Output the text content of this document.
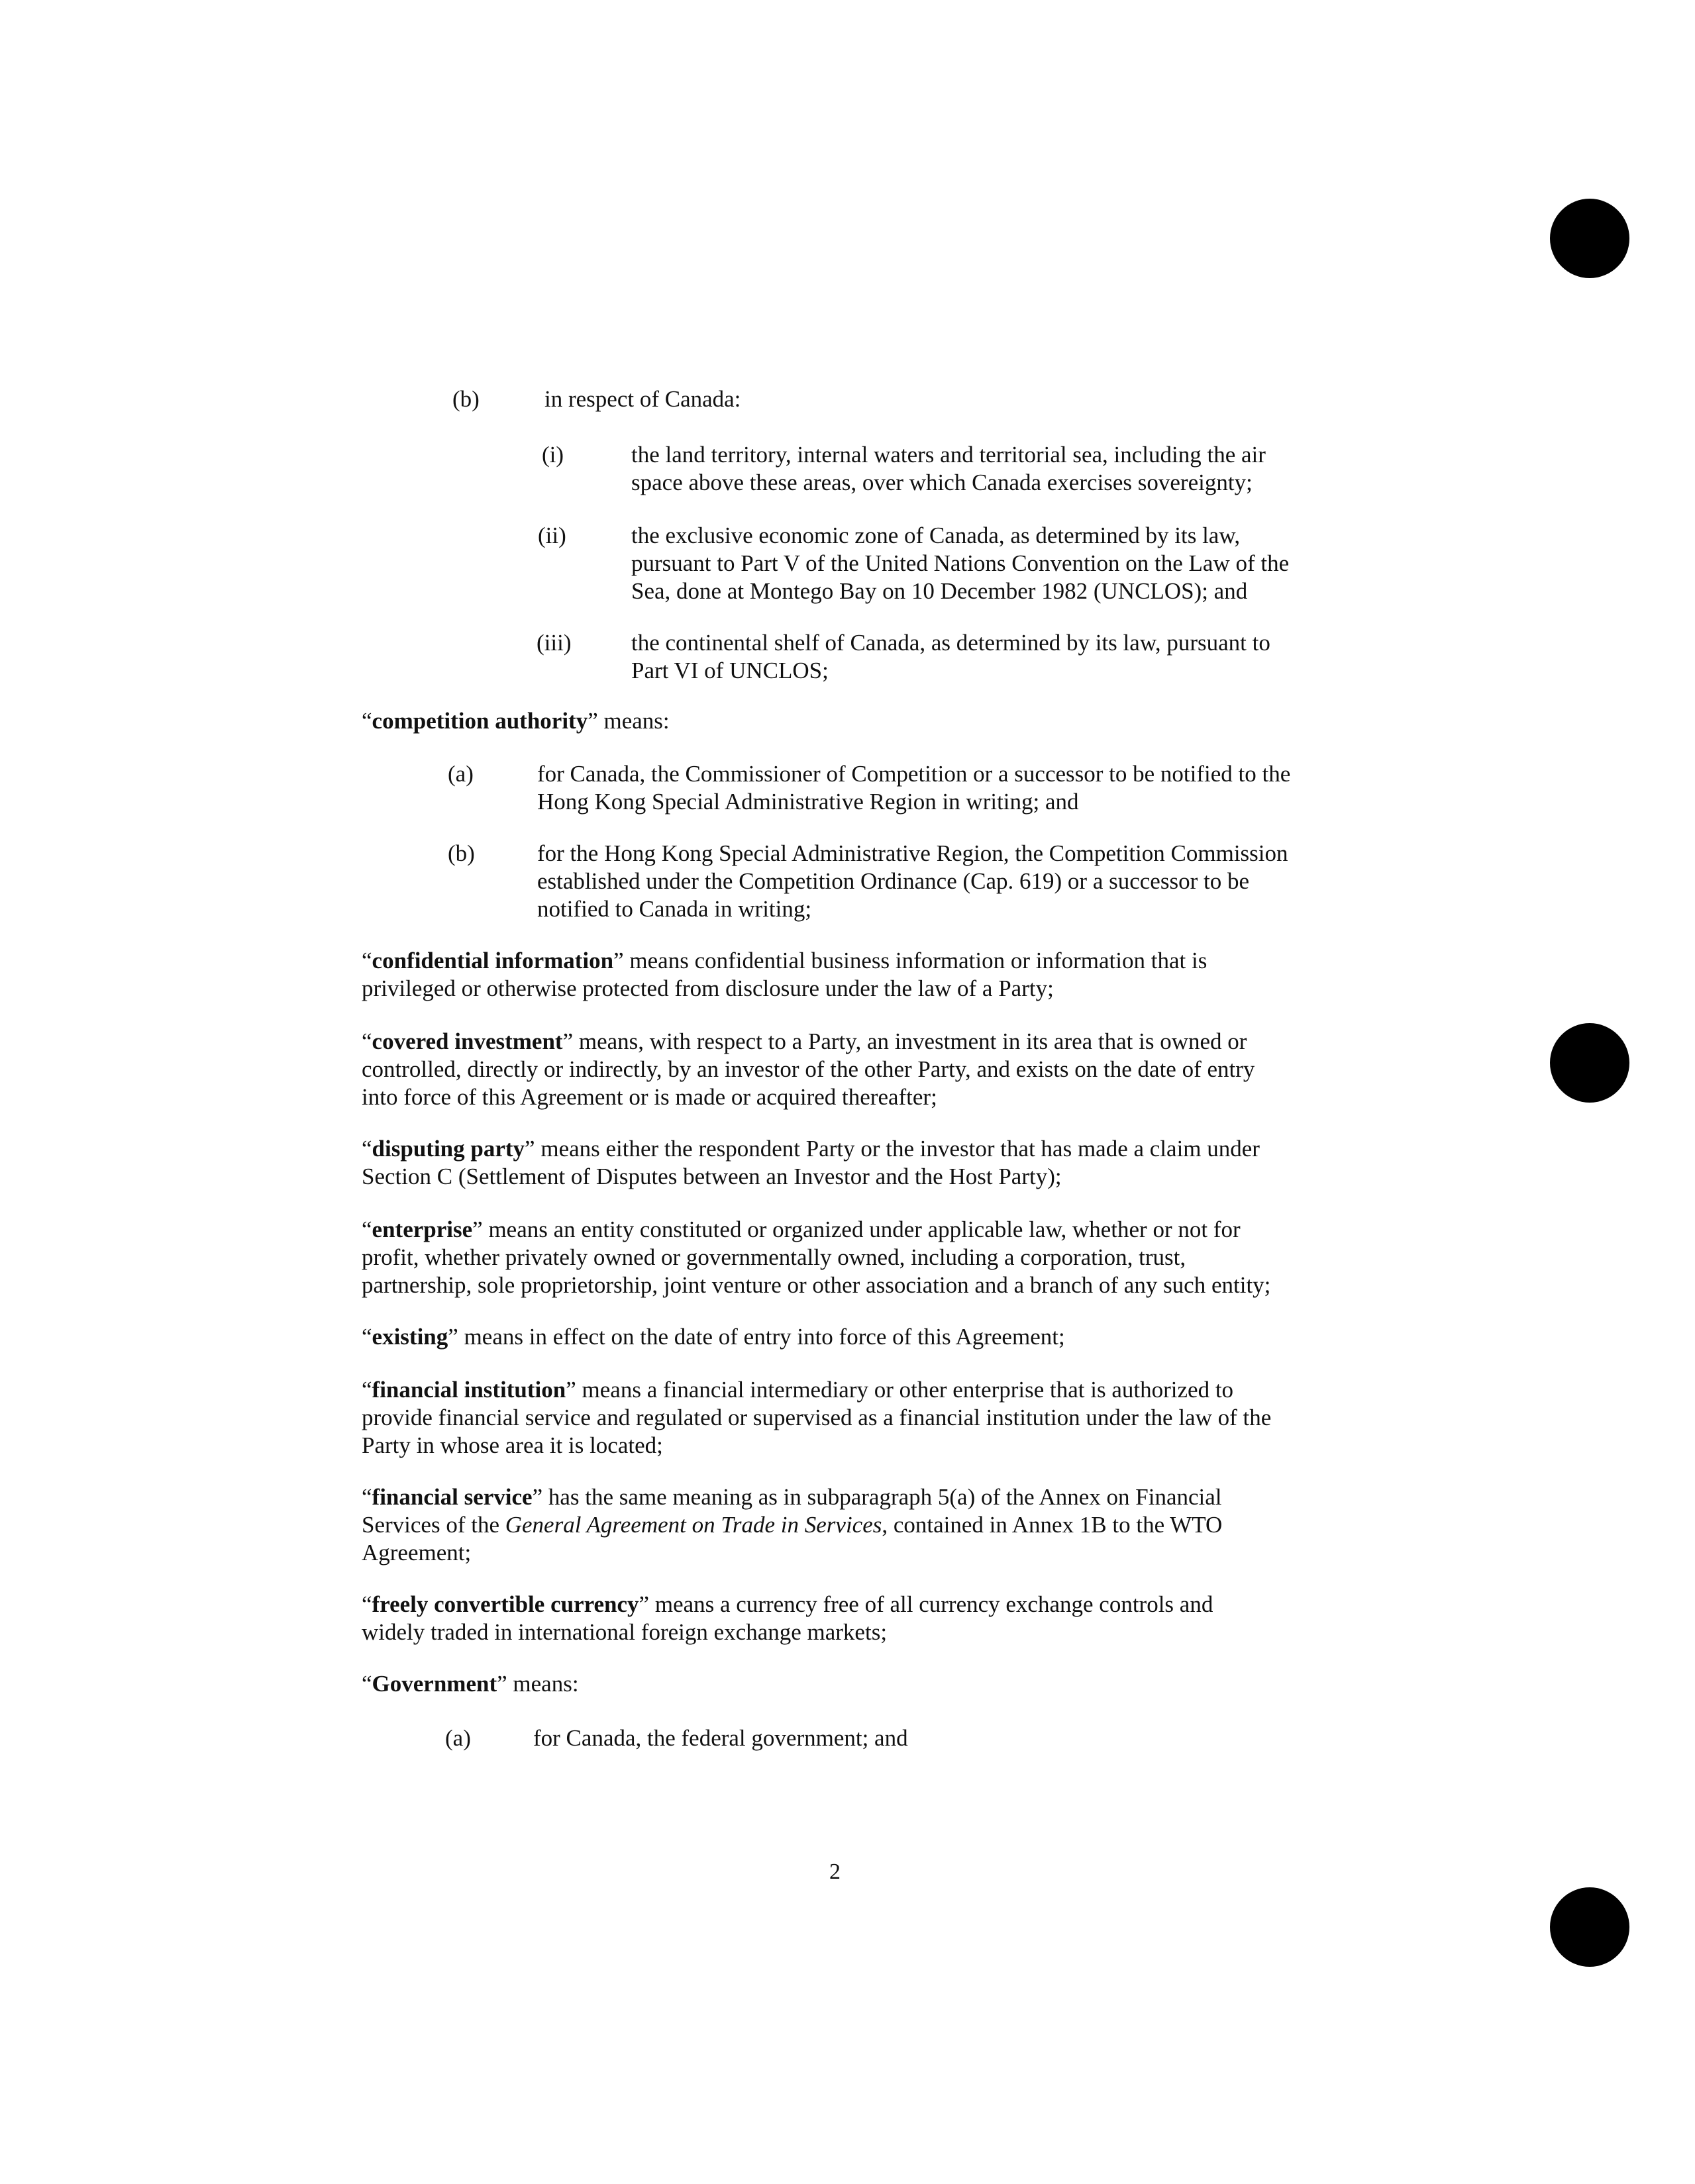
(b)	in respect of Canada:
(i)	the land territory, internal waters and territorial sea, including the air
space above these areas, over which Canada exercises sovereignty;
(ii)	the exclusive economic zone of Canada, as determined by its law,
pursuant to Part V of the United Nations Convention on the Law of the
Sea, done at Montego Bay on 10 December 1982 (UNCLOS); and
(iii)	the continental shelf of Canada, as determined by its law, pursuant to
Part VI of UNCLOS;
“competition authority” means:
(a)	for Canada, the Commissioner of Competition or a successor to be notified to the
Hong Kong Special Administrative Region in writing; and
(b)	for the Hong Kong Special Administrative Region, the Competition Commission
established under the Competition Ordinance (Cap. 619) or a successor to be
notified to Canada in writing;
“confidential information” means confidential business information or information that is
privileged or otherwise protected from disclosure under the law of a Party;
“covered investment” means, with respect to a Party, an investment in its area that is owned or
controlled, directly or indirectly, by an investor of the other Party, and exists on the date of entry
into force of this Agreement or is made or acquired thereafter;
“disputing party” means either the respondent Party or the investor that has made a claim under
Section C (Settlement of Disputes between an Investor and the Host Party);
“enterprise” means an entity constituted or organized under applicable law, whether or not for
profit, whether privately owned or governmentally owned, including a corporation, trust,
partnership, sole proprietorship, joint venture or other association and a branch of any such entity;
“existing” means in effect on the date of entry into force of this Agreement;
“financial institution” means a financial intermediary or other enterprise that is authorized to
provide financial service and regulated or supervised as a financial institution under the law of the
Party in whose area it is located;
“financial service” has the same meaning as in subparagraph 5(a) of the Annex on Financial
Services of the General Agreement on Trade in Services, contained in Annex 1B to the WTO
Agreement;
“freely convertible currency” means a currency free of all currency exchange controls and
widely traded in international foreign exchange markets;
“Government” means:
(a)	for Canada, the federal government; and
2
